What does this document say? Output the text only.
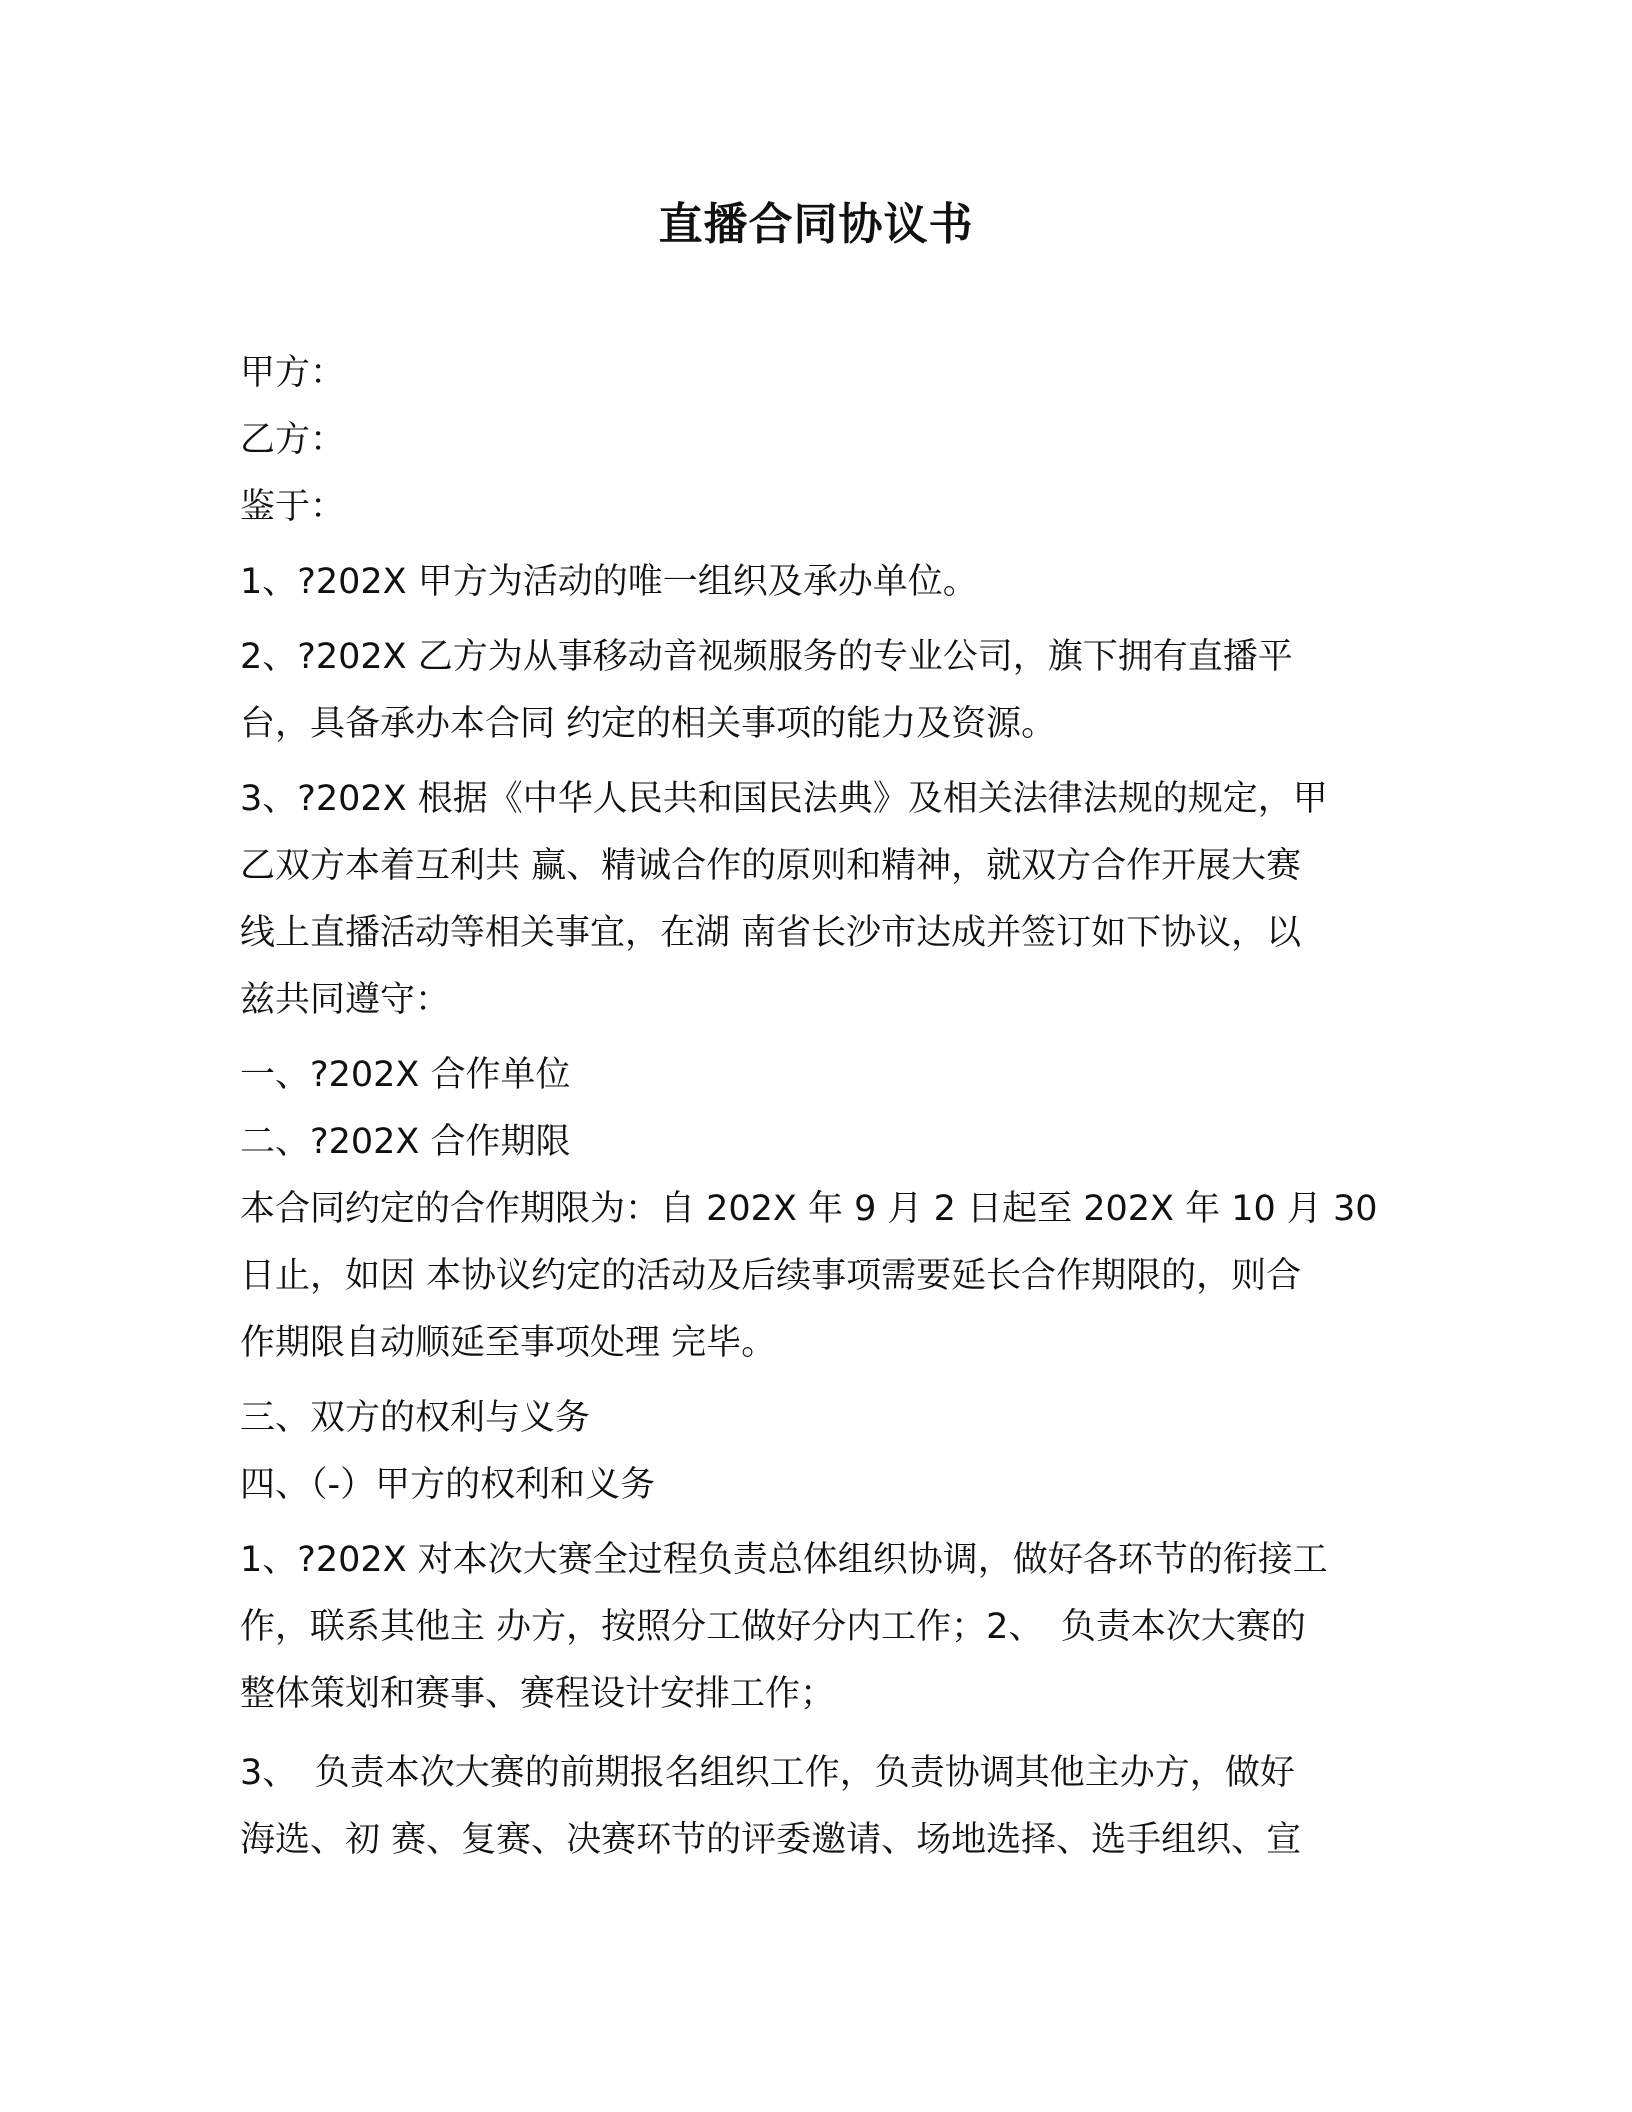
直播合同协议书
甲方：
乙方：
鉴于：
1、?202X 甲方为活动的唯一组织及承办单位。
2、?202X 乙方为从事移动音视频服务的专业公司，旗下拥有直播平
台，具备承办本合同 约定的相关事项的能力及资源。
3、?202X 根据《中华人民共和国民法典》及相关法律法规的规定，甲
乙双方本着互利共 赢、精诚合作的原则和精神，就双方合作开展大赛
线上直播活动等相关事宜，在湖 南省长沙市达成并签订如下协议，以
兹共同遵守：
一、?202X 合作单位
二、?202X 合作期限
本合同约定的合作期限为：自 202X 年 9 月 2 日起至 202X 年 10 月 30
日止，如因 本协议约定的活动及后续事项需要延长合作期限的，则合
作期限自动顺延至事项处理 完毕。
三、双方的权利与义务
四、（-）甲方的权利和义务
1、?202X 对本次大赛全过程负责总体组织协调，做好各环节的衔接工
作，联系其他主 办方，按照分工做好分内工作；2、　负责本次大赛的
整体策划和赛事、赛程设计安排工作；
3、　负责本次大赛的前期报名组织工作，负责协调其他主办方，做好
海选、初 赛、复赛、决赛环节的评委邀请、场地选择、选手组织、宣
